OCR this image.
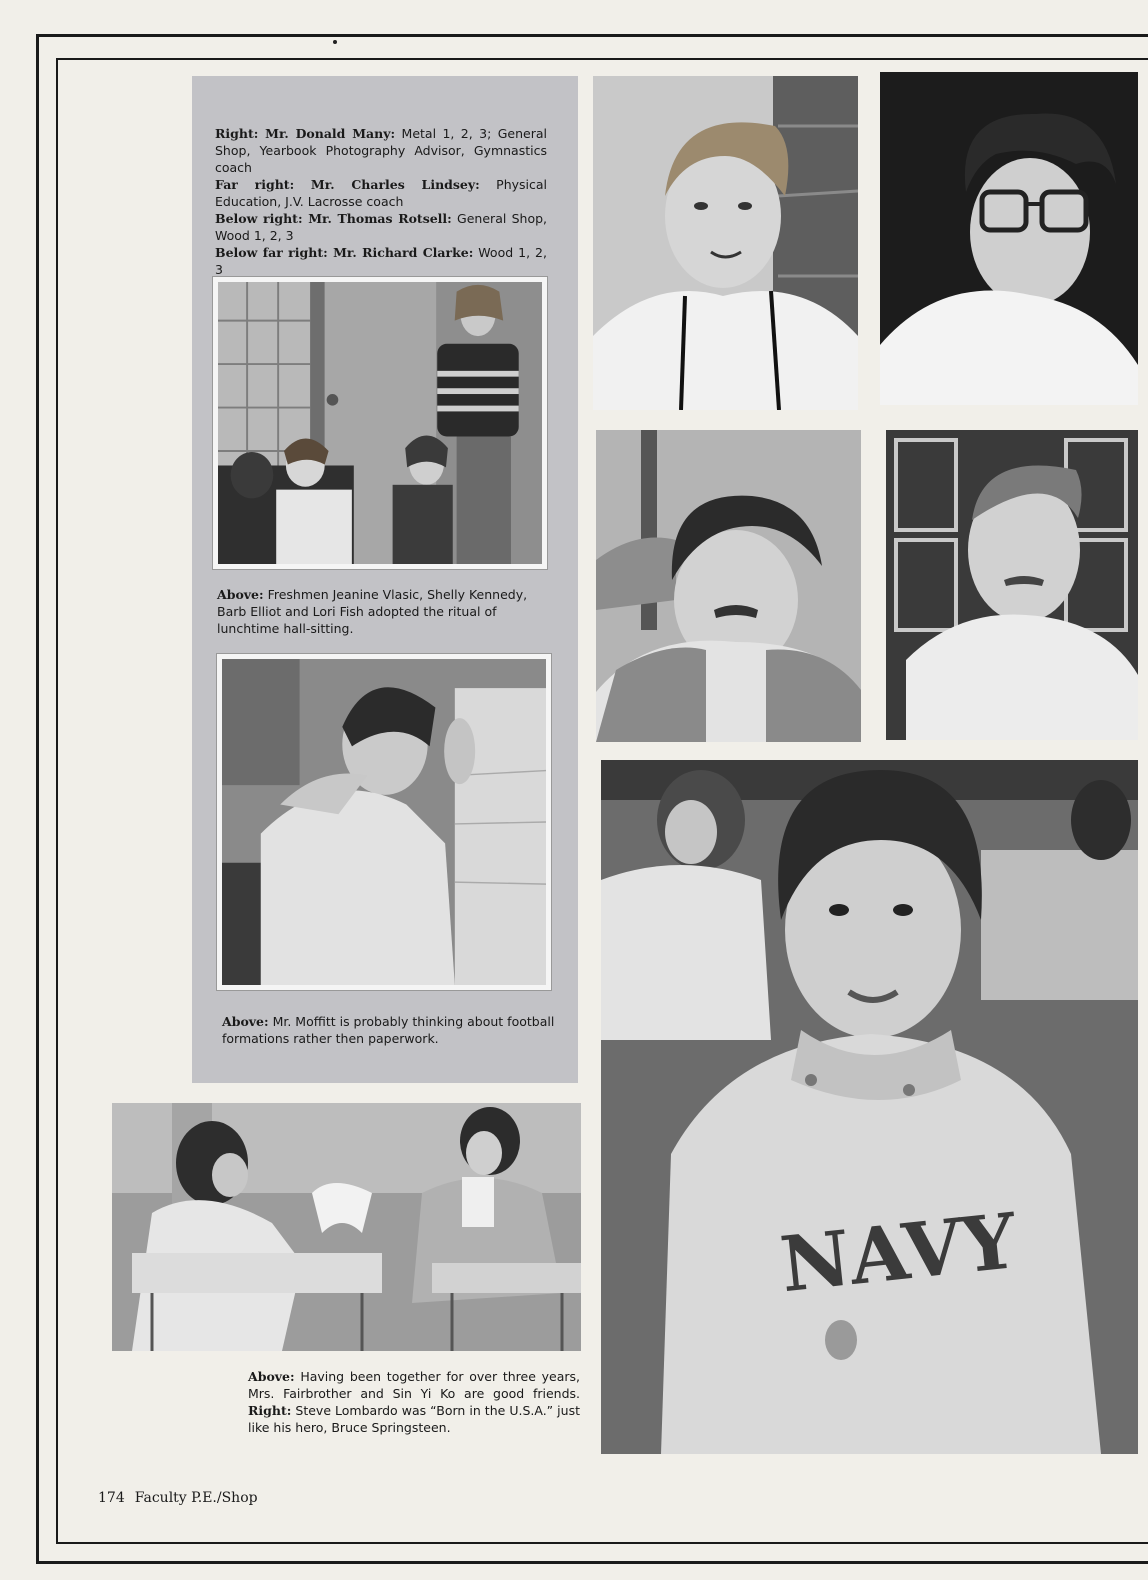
Right: Mr. Donald Many: Metal 1, 2, 3; General Shop, Yearbook Photography Advisor, Gymnastics coach

Far right: Mr. Charles Lindsey: Physical Education, J.V. Lacrosse coach

Below right: Mr. Thomas Rotsell: General Shop, Wood 1, 2, 3

Below far right: Mr. Richard Clarke: Wood 1, 2, 3

Above: Freshmen Jeanine Vlasic, Shelly Kennedy, Barb Elliot and Lori Fish adopted the ritual of lunchtime hall-sitting.
Above: Mr. Moffitt is probably thinking about football formations rather then paperwork.
Above: Having been together for over three years, Mrs. Fairbrother and Sin Yi Ko are good friends. Right: Steve Lombardo was “Born in the U.S.A.” just like his hero, Bruce Springsteen.
NAVY
174 Faculty P.E./Shop
